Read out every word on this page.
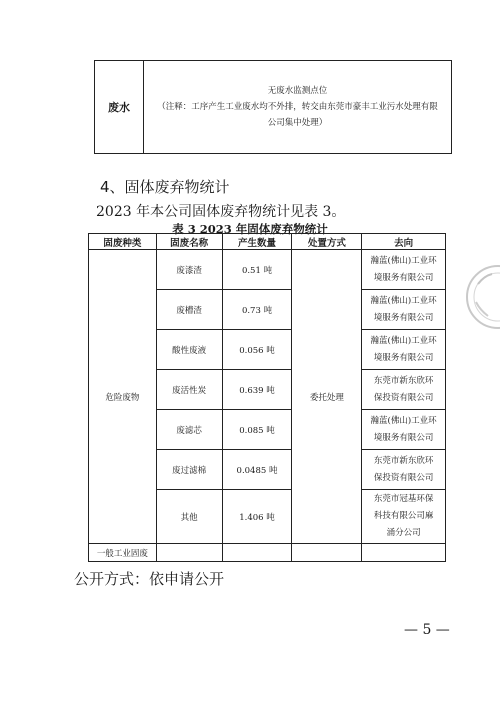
废水	
无废水监测点位
（注释：工序产生工业废水均不外排，转交由东莞市豪丰工业污水处理有限
公司集中处理）
4、固体废弃物统计
2023 年本公司固体废弃物统计见表 3。
表 3 2023 年固体废弃物统计
固废种类	固废名称	产生数量	处置方式	去向
危险废物	废漆渣	0.51 吨	委托处理	瀚蓝(佛山)工业环
境服务有限公司

	废槽渣	0.73 吨		瀚蓝(佛山)工业环
境服务有限公司

	酸性废液	0.056 吨		瀚蓝(佛山)工业环
境服务有限公司

	废活性炭	0.639 吨		东莞市新东欣环
保投资有限公司

	废滤芯	0.085 吨		瀚蓝(佛山)工业环
境服务有限公司

	废过滤棉	0.0485 吨		东莞市新东欣环
保投资有限公司

	其他	1.406 吨		东莞市冠基环保
科技有限公司麻
涌分公司

一般工业固废				
公开方式：依申请公开
— 5 —
